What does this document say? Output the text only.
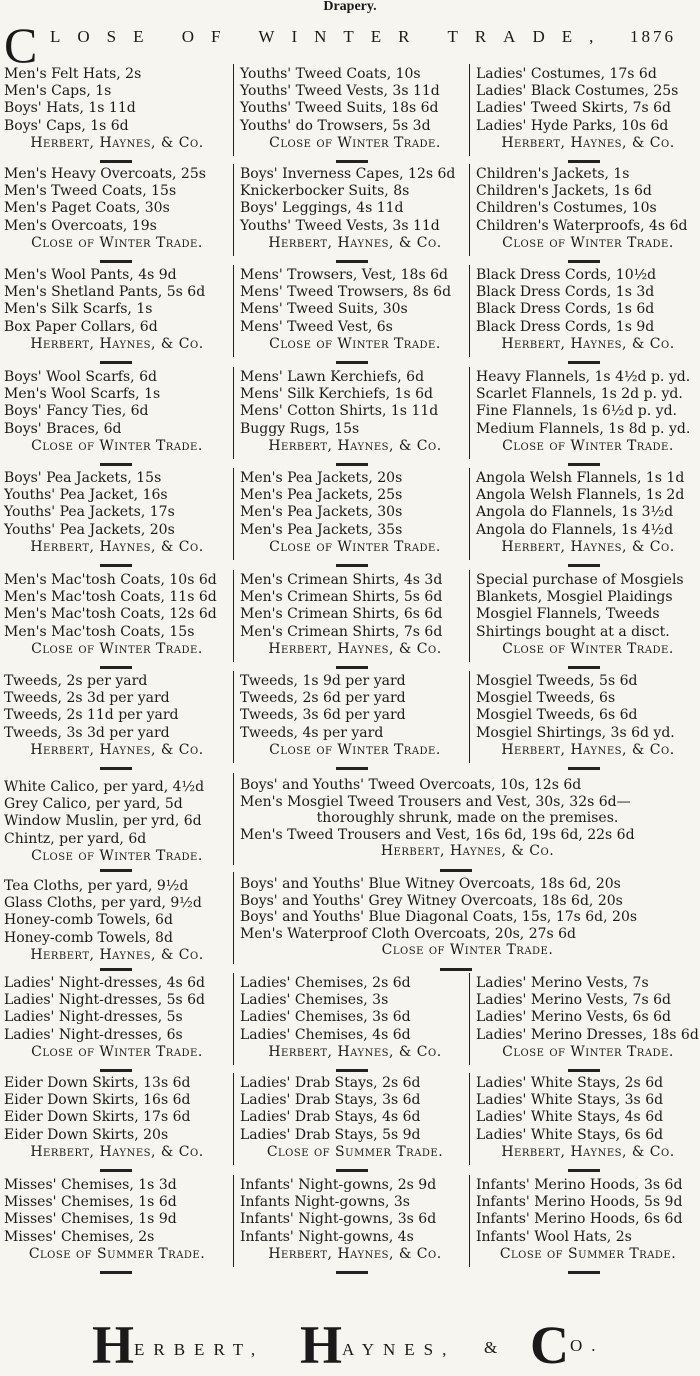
Drapery.
C LOSE OF WINTER TRADE, 1876
Men's Felt Hats, 2s
Men's Caps, 1s
Boys' Hats, 1s 11d
Boys' Caps, 1s 6d
Herbert, Haynes, & Co.
Youths' Tweed Coats, 10s
Youths' Tweed Vests, 3s 11d
Youths' Tweed Suits, 18s 6d
Youths' do Trowsers, 5s 3d
Close of Winter Trade.
Ladies' Costumes, 17s 6d
Ladies' Black Costumes, 25s
Ladies' Tweed Skirts, 7s 6d
Ladies' Hyde Parks, 10s 6d
Herbert, Haynes, & Co.
Men's Heavy Overcoats, 25s
Men's Tweed Coats, 15s
Men's Paget Coats, 30s
Men's Overcoats, 19s
Close of Winter Trade.
Boys' Inverness Capes, 12s 6d
Knickerbocker Suits, 8s
Boys' Leggings, 4s 11d
Youths' Tweed Vests, 3s 11d
Herbert, Haynes, & Co.
Children's Jackets, 1s
Children's Jackets, 1s 6d
Children's Costumes, 10s
Children's Waterproofs, 4s 6d
Close of Winter Trade.
Men's Wool Pants, 4s 9d
Men's Shetland Pants, 5s 6d
Men's Silk Scarfs, 1s
Box Paper Collars, 6d
Herbert, Haynes, & Co.
Mens' Trowsers, Vest, 18s 6d
Mens' Tweed Trowsers, 8s 6d
Mens' Tweed Suits, 30s
Mens' Tweed Vest, 6s
Close of Winter Trade.
Black Dress Cords, 10½d
Black Dress Cords, 1s 3d
Black Dress Cords, 1s 6d
Black Dress Cords, 1s 9d
Herbert, Haynes, & Co.
Boys' Wool Scarfs, 6d
Men's Wool Scarfs, 1s
Boys' Fancy Ties, 6d
Boys' Braces, 6d
Close of Winter Trade.
Mens' Lawn Kerchiefs, 6d
Mens' Silk Kerchiefs, 1s 6d
Mens' Cotton Shirts, 1s 11d
Buggy Rugs, 15s
Herbert, Haynes, & Co.
Heavy Flannels, 1s 4½d p. yd.
Scarlet Flannels, 1s 2d p. yd.
Fine Flannels, 1s 6½d p. yd.
Medium Flannels, 1s 8d p. yd.
Close of Winter Trade.
Boys' Pea Jackets, 15s
Youths' Pea Jacket, 16s
Youths' Pea Jackets, 17s
Youths' Pea Jackets, 20s
Herbert, Haynes, & Co.
Men's Pea Jackets, 20s
Men's Pea Jackets, 25s
Men's Pea Jackets, 30s
Men's Pea Jackets, 35s
Close of Winter Trade.
Angola Welsh Flannels, 1s 1d
Angola Welsh Flannels, 1s 2d
Angola do Flannels, 1s 3½d
Angola do Flannels, 1s 4½d
Herbert, Haynes, & Co.
Men's Mac'tosh Coats, 10s 6d
Men's Mac'tosh Coats, 11s 6d
Men's Mac'tosh Coats, 12s 6d
Men's Mac'tosh Coats, 15s
Close of Winter Trade.
Men's Crimean Shirts, 4s 3d
Men's Crimean Shirts, 5s 6d
Men's Crimean Shirts, 6s 6d
Men's Crimean Shirts, 7s 6d
Herbert, Haynes, & Co.
Special purchase of Mosgiels
Blankets, Mosgiel Plaidings
Mosgiel Flannels, Tweeds
Shirtings bought at a disct.
Close of Winter Trade.
Tweeds, 2s per yard
Tweeds, 2s 3d per yard
Tweeds, 2s 11d per yard
Tweeds, 3s 3d per yard
Herbert, Haynes, & Co.
Tweeds, 1s 9d per yard
Tweeds, 2s 6d per yard
Tweeds, 3s 6d per yard
Tweeds, 4s per yard
Close of Winter Trade.
Mosgiel Tweeds, 5s 6d
Mosgiel Tweeds, 6s
Mosgiel Tweeds, 6s 6d
Mosgiel Shirtings, 3s 6d yd.
Herbert, Haynes, & Co.
White Calico, per yard, 4½d
Grey Calico, per yard, 5d
Window Muslin, per yrd, 6d
Chintz, per yard, 6d
Close of Winter Trade.
Boys' and Youths' Tweed Overcoats, 10s, 12s 6d
Men's Mosgiel Tweed Trousers and Vest, 30s, 32s 6d—
thoroughly shrunk, made on the premises.
Men's Tweed Trousers and Vest, 16s 6d, 19s 6d, 22s 6d
Herbert, Haynes, & Co.
Tea Cloths, per yard, 9½d
Glass Cloths, per yard, 9½d
Honey-comb Towels, 6d
Honey-comb Towels, 8d
Herbert, Haynes, & Co.
Boys' and Youths' Blue Witney Overcoats, 18s 6d, 20s
Boys' and Youths' Grey Witney Overcoats, 18s 6d, 20s
Boys' and Youths' Blue Diagonal Coats, 15s, 17s 6d, 20s
Men's Waterproof Cloth Overcoats, 20s, 27s 6d
Close of Winter Trade.
Ladies' Night-dresses, 4s 6d
Ladies' Night-dresses, 5s 6d
Ladies' Night-dresses, 5s
Ladies' Night-dresses, 6s
Close of Winter Trade.
Ladies' Chemises, 2s 6d
Ladies' Chemises, 3s
Ladies' Chemises, 3s 6d
Ladies' Chemises, 4s 6d
Herbert, Haynes, & Co.
Ladies' Merino Vests, 7s
Ladies' Merino Vests, 7s 6d
Ladies' Merino Vests, 6s 6d
Ladies' Merino Dresses, 18s 6d
Close of Winter Trade.
Eider Down Skirts, 13s 6d
Eider Down Skirts, 16s 6d
Eider Down Skirts, 17s 6d
Eider Down Skirts, 20s
Herbert, Haynes, & Co.
Ladies' Drab Stays, 2s 6d
Ladies' Drab Stays, 3s 6d
Ladies' Drab Stays, 4s 6d
Ladies' Drab Stays, 5s 9d
Close of Summer Trade.
Ladies' White Stays, 2s 6d
Ladies' White Stays, 3s 6d
Ladies' White Stays, 4s 6d
Ladies' White Stays, 6s 6d
Herbert, Haynes, & Co.
Misses' Chemises, 1s 3d
Misses' Chemises, 1s 6d
Misses' Chemises, 1s 9d
Misses' Chemises, 2s
Close of Summer Trade.
Infants' Night-gowns, 2s 9d
Infants Night-gowns, 3s
Infants' Night-gowns, 3s 6d
Infants' Night-gowns, 4s
Herbert, Haynes, & Co.
Infants' Merino Hoods, 3s 6d
Infants' Merino Hoods, 5s 9d
Infants' Merino Hoods, 6s 6d
Infants' Wool Hats, 2s
Close of Summer Trade.
H ERBERT, H AYNES, & C O.
